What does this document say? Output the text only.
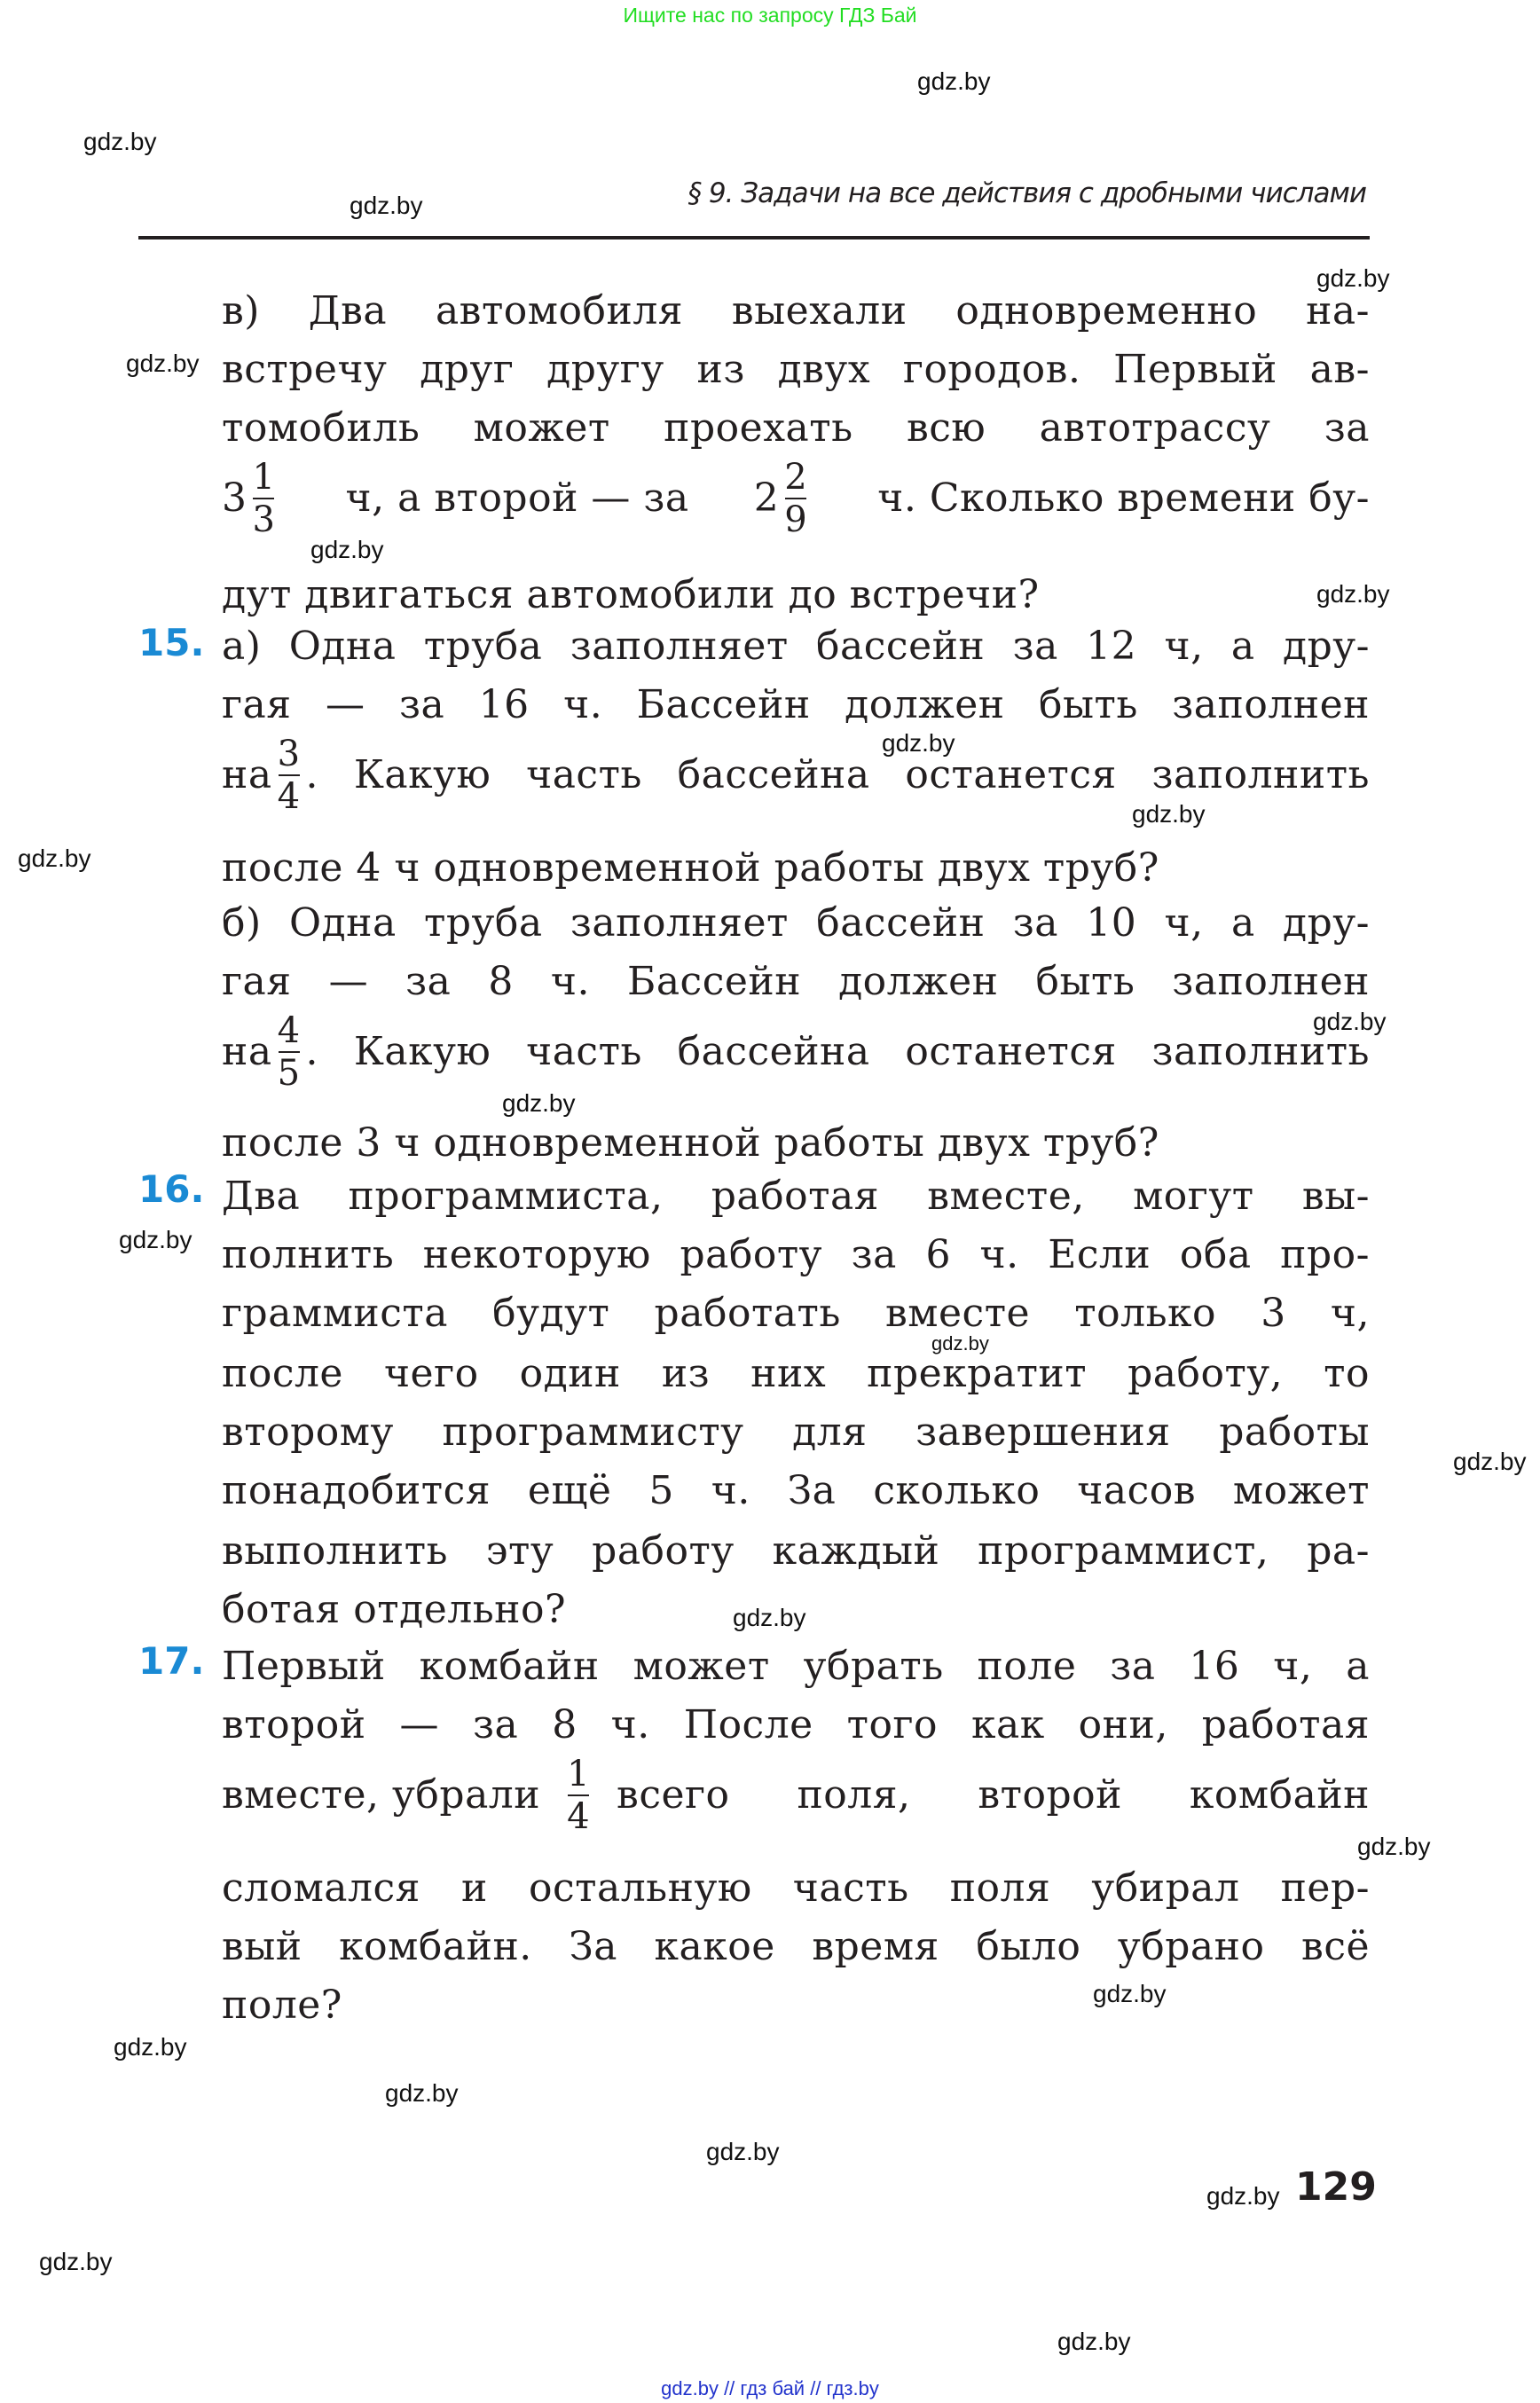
Ищите нас по запросу ГДЗ Бай
gdz.by
gdz.by
gdz.by	§ 9. Задачи на все действия с дробными числами
gdz.by
gdz.by
gdz.by
gdz.by
в) Два автомобиля выехали одновременно на-
встречу друг другу из двух городов. Первый ав-
томобиль может проехать всю автотрассу за
$3 \frac{1}{3} ч$, а второй — за $2 \frac{2}{9} ч$. Сколько времени бу-
дут двигаться автомобили до встречи?
15. а) Одна труба заполняет бассейн за 12 ч, а дру-
гая — за 16 ч. Бассейн должен быть заполнен
на $\frac{3}{4}$ . Какую часть бассейна останется заполнить
после 4 ч одновременной работы двух труб?
б) Одна труба заполняет бассейн за 10 ч, а дру-
гая — за 8 ч. Бассейн должен быть заполнен
на $\frac{4}{5}$ . Какую часть бассейна останется заполнить
после 3 ч одновременной работы двух труб?
gdz.by
gdz.by
gdz.by
gdz.by
gdz.by
16. Два программиста, работая вместе, могут вы-
полнить некоторую работу за 6 ч. Если оба про-
граммиста будут работать вместе только 3 ч,
после чего один из них прекратит работу, то
второму программисту для завершения работы
понадобится ещё 5 ч. За сколько часов может
выполнить эту работу каждый программист, ра-
ботая отдельно?
gdz.by
gdz.by
gdz.by
gdz.by
17. Первый комбайн может убрать поле за 16 ч, а
второй — за 8 ч. После того как они, работая
вместе, убрали $\frac{1}{4}$ всего поля, второй комбайн
сломался и остальную часть поля убирал пер-
вый комбайн. За какое время было убрано всё
поле?
gdz.by
gdz.by
gdz.by
gdz.by
gdz.by
gdz.by 129
gdz.by
gdz.by
gdz.by // гдз бай // гдз.by
